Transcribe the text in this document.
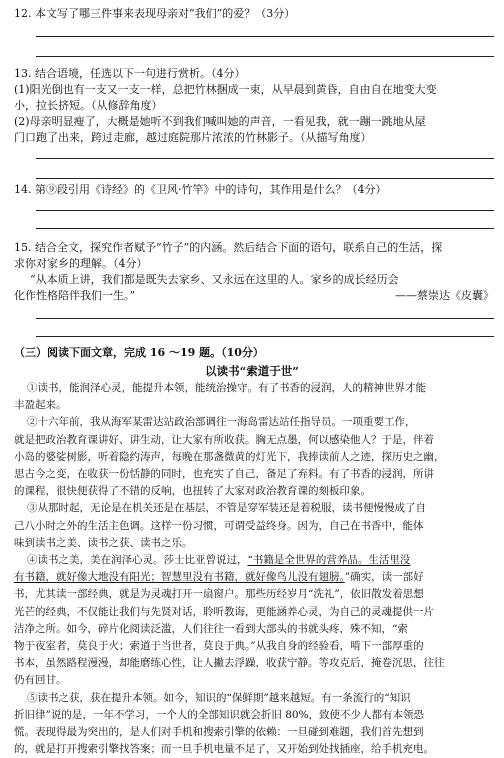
12. 本文写了哪三件事来表现母亲对“我们”的爱？（3分）
13. 结合语境，任选以下一句进行赏析。（4分）
(1)阳光倒也有一支又一支一样，总把竹林捆成一束，从早晨到黄昏，自由自在地变大变
小，拉长挤短。（从修辞角度）
(2)母亲明显瘦了，大概是她听不到我们喊叫她的声音，一看见我，就一蹦一跳地从屋
门口跑了出来，跨过走廊，越过庭院那片浓浓的竹林影子。（从描写角度）
14. 第⑨段引用《诗经》的《卫风·竹竿》中的诗句，其作用是什么？（4分）
15. 结合全文，探究作者赋予“竹子”的内涵。然后结合下面的语句，联系自己的生活，探
求你对家乡的理解。（4分）
“从本质上讲，我们都是既失去家乡、又永远在这里的人。家乡的成长经历会
化作性格陪伴我们一生。”	——蔡崇达《皮囊》
（三）阅读下面文章，完成 16 ～19 题。（10分）
以读书“索道于世”
①读书，能润泽心灵，能提升本领，能统治操守。有了书香的浸润，人的精神世界才能
丰盈起来。
②十六年前，我从海军某雷达站政治部调往一海岛雷达站任指导员。一项重要工作，
就是把政治教育课讲好、讲生动，让大家有所收获。胸无点墨，何以感染他人？于是，伴着
小岛的婆娑树影，听着隐约涛声，每晚在那盏微黄的灯光下，我捧读前人之迹，探历史之幽，
思古今之变，在收获一份恬静的同时，也充实了自己，备足了弃料。有了书香的浸润，所讲
的课程，很快便获得了不错的反响，也扭转了大家对政治教育课的刻板印象。
③从那时起，无论是在机关还是在基层，不管是穿军装还是着税服，读书便慢慢成了自
己八小时之外的生活主色调。这样一份习惯，可谓受益终身。因为，自己在书香中，能体
味到读书之美、读书之获、读书之乐。
④读书之美，美在润泽心灵。莎士比亚曾说过，“书籍是全世界的营养品。生活里没
有书籍，就好像大地没有阳光；智慧里没有书籍，就好像鸟儿没有翅膀。”确实，读一部好
书，尤其读一部经典，就是为灵魂打开一扇窗户。那些历经岁月“洗礼”，依旧散发着思想
光芒的经典，不仅能让我们与先贤对话，聆听教诲，更能涵养心灵，为自己的灵魂提供一片
洁净之所。如今，碎片化阅读泛滥，人们往往一看到大部头的书就头疼，殊不知，“索
物于夜室者，莫良于火；索道于当世者，莫良于典。”从我自身的经验看，啃下一部厚重的
书本，虽然路程漫漫，却能磨练心性，让人撇去浮躁，收获宁静。等攻克后，掩卷沉思，往往
仍有回甘。
⑤读书之获，获在提升本领。如今，知识的“保鲜期”越来越短。有一条流行的“知识
折旧律”说的是，一年不学习，一个人的全部知识就会折旧 80%，致使不少人都有本领恐
慌。表现得最为突出的，是人们对手机和搜索引擎的依赖：一旦碰到难题，我们首先想到
的，就是打开搜索引擎找答案；而一旦手机电量不足了，又开始到处找插座，给手机充电。
